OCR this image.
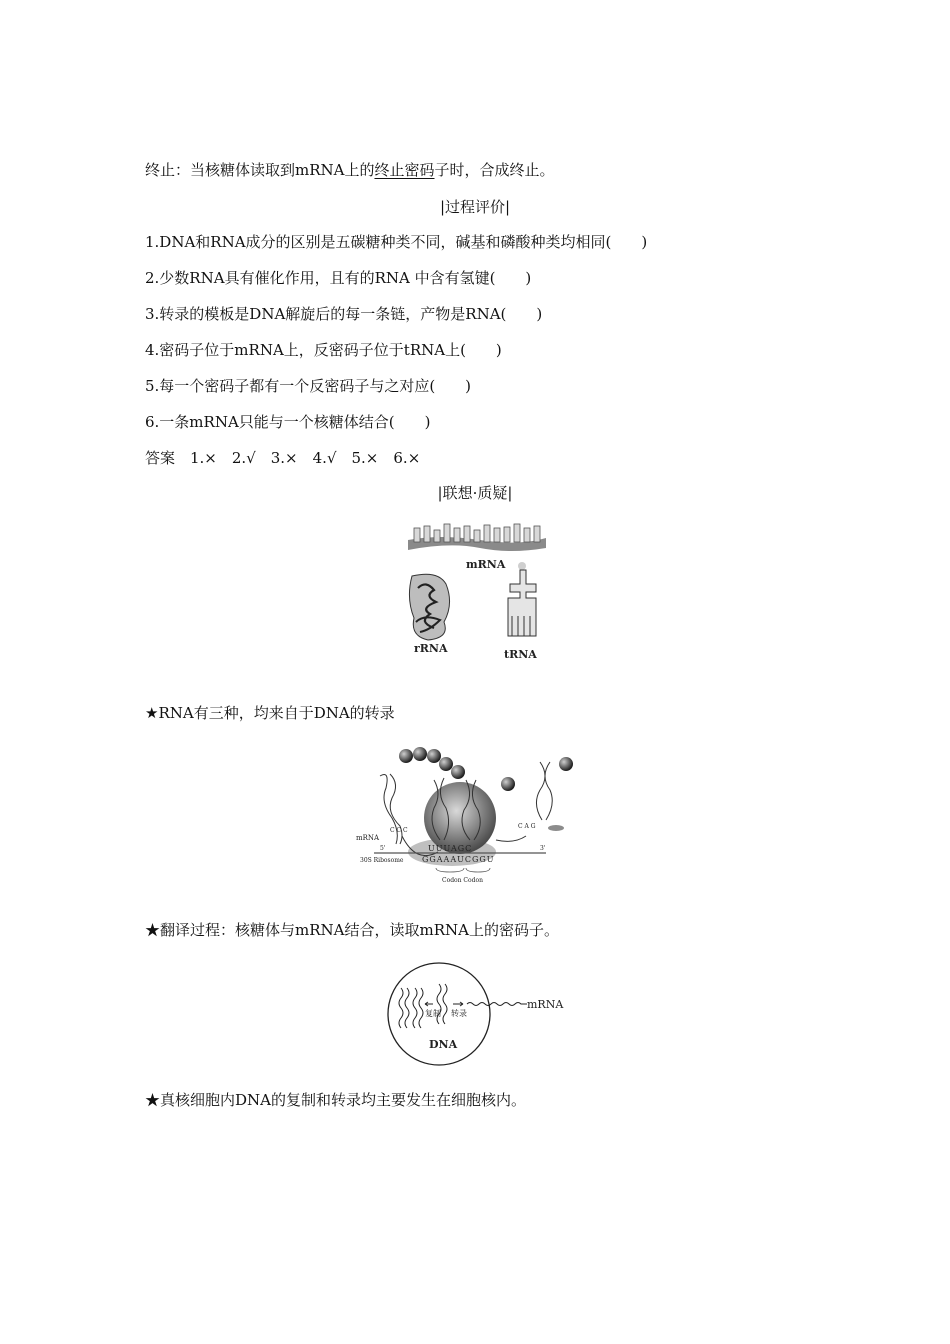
终止：当核糖体读取到mRNA上的终止密码子时，合成终止。
|过程评价|
1.DNA和RNA成分的区别是五碳糖种类不同，碱基和磷酸种类均相同(　　)
2.少数RNA具有催化作用，且有的RNA 中含有氢键(　　)
3.转录的模板是DNA解旋后的每一条链，产物是RNA(　　)
4.密码子位于mRNA上，反密码子位于tRNA上(　　)
5.每一个密码子都有一个反密码子与之对应(　　)
6.一条mRNA只能与一个核糖体结合(　　)
答案　1.×　2.√　3.×　4.√　5.×　6.×
|联想·质疑|
mRNA
rRNA	tRNA
★RNA有三种，均来自于DNA的转录
mRNA
5'	3'
30S Ribosome
UUUAGC
GGAAAUCGGU
C C C
C A G
Codon Codon
★翻译过程：核糖体与mRNA结合，读取mRNA上的密码子。
复制 转录
mRNA
DNA
★真核细胞内DNA的复制和转录均主要发生在细胞核内。
